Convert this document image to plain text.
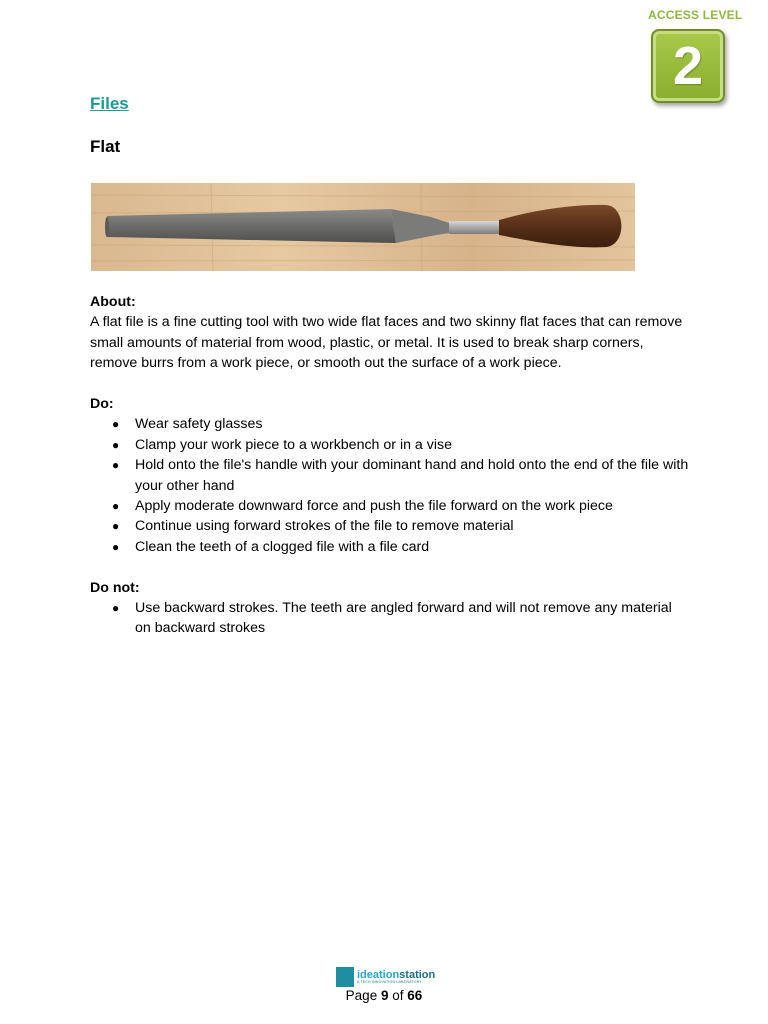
ACCESS LEVEL
2
Files
Flat
About:

A flat file is a fine cutting tool with two wide flat faces and two skinny flat faces that can remove small amounts of material from wood, plastic, or metal. It is used to break sharp corners, remove burrs from a work piece, or smooth out the surface of a work piece.

Do:
● Wear safety glasses
● Clamp your work piece to a workbench or in a vise
● Hold onto the file's handle with your dominant hand and hold onto the end of the file with your other hand
● Apply moderate downward force and push the file forward on the work piece
● Continue using forward strokes of the file to remove material
● Clean the teeth of a clogged file with a file card
Do not:
● Use backward strokes. The teeth are angled forward and will not remove any material on backward strokes
ideationstation
A TECH INNOVATION LABORATORY
Page 9 of 66
